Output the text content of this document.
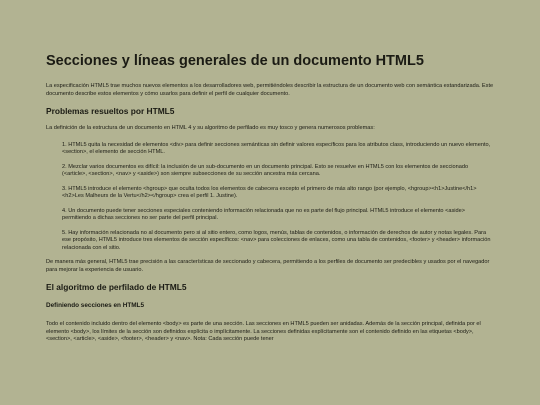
Secciones y líneas generales de un documento HTML5

La especificación HTML5 trae muchos nuevos elementos a los desarrolladores web, permitiéndoles describir la estructura de un documento web con semántica estandarizada. Este documento describe estos elementos y cómo usarlos para definir el perfil de cualquier documento.

Problemas resueltos por HTML5

La definición de la estructura de un documento en HTML 4 y su algoritmo de perfilado es muy tosco y genera numerosos problemas:

1. HTML5 quita la necesidad de elementos <div> para definir secciones semánticas sin definir valores específicos para los atributos class, introduciendo un nuevo elemento, <section>, el elemento de sección HTML.
2. Mezclar varios documentos es difícil: la inclusión de un sub-documento en un documento principal. Esto se resuelve en HTML5 con los elementos de seccionado (<article>, <section>, <nav> y <aside>) son siempre subsecciones de su sección ancestra más cercana.
3. HTML5 introduce el elemento <hgroup> que oculta todos los elementos de cabecera excepto el primero de más alto rango (por ejemplo, <hgroup><h1>Justine</h1><h2>Les Malheurs de la Vertu</h2></hgroup> crea el perfil 1. Justine).
4. Un documento puede tener secciones especiales conteniendo información relacionada que no es parte del flujo principal. HTML5 introduce el elemento <aside> permitiendo a dichas secciones no ser parte del perfil principal.
5. Hay información relacionada no al documento pero si al sitio entero, como logos, menús, tablas de contenidos, o información de derechos de autor y notas legales. Para ese propósito, HTML5 introduce tres elementos de sección específicos: <nav> para colecciones de enlaces, como una tabla de contenidos, <footer> y <header> información relacionada con el sitio.

De manera más general, HTML5 trae precisión a las características de seccionado y cabecera, permitiendo a los perfiles de documento ser predecibles y usados por el navegador para mejorar la experiencia de usuario.

El algoritmo de perfilado de HTML5
Definiendo secciones en HTML5

Todo el contenido incluido dentro del elemento <body> es parte de una sección. Las secciones en HTML5 pueden ser anidadas. Además de la sección principal, definida por el elemento <body>, los límites de la sección son definidos explícita o implícitamente. La secciones definidas explícitamente son el contenido definido en las etiquetas <body>, <section>, <article>, <aside>, <footer>, <header> y <nav>. Nota: Cada sección puede tener
